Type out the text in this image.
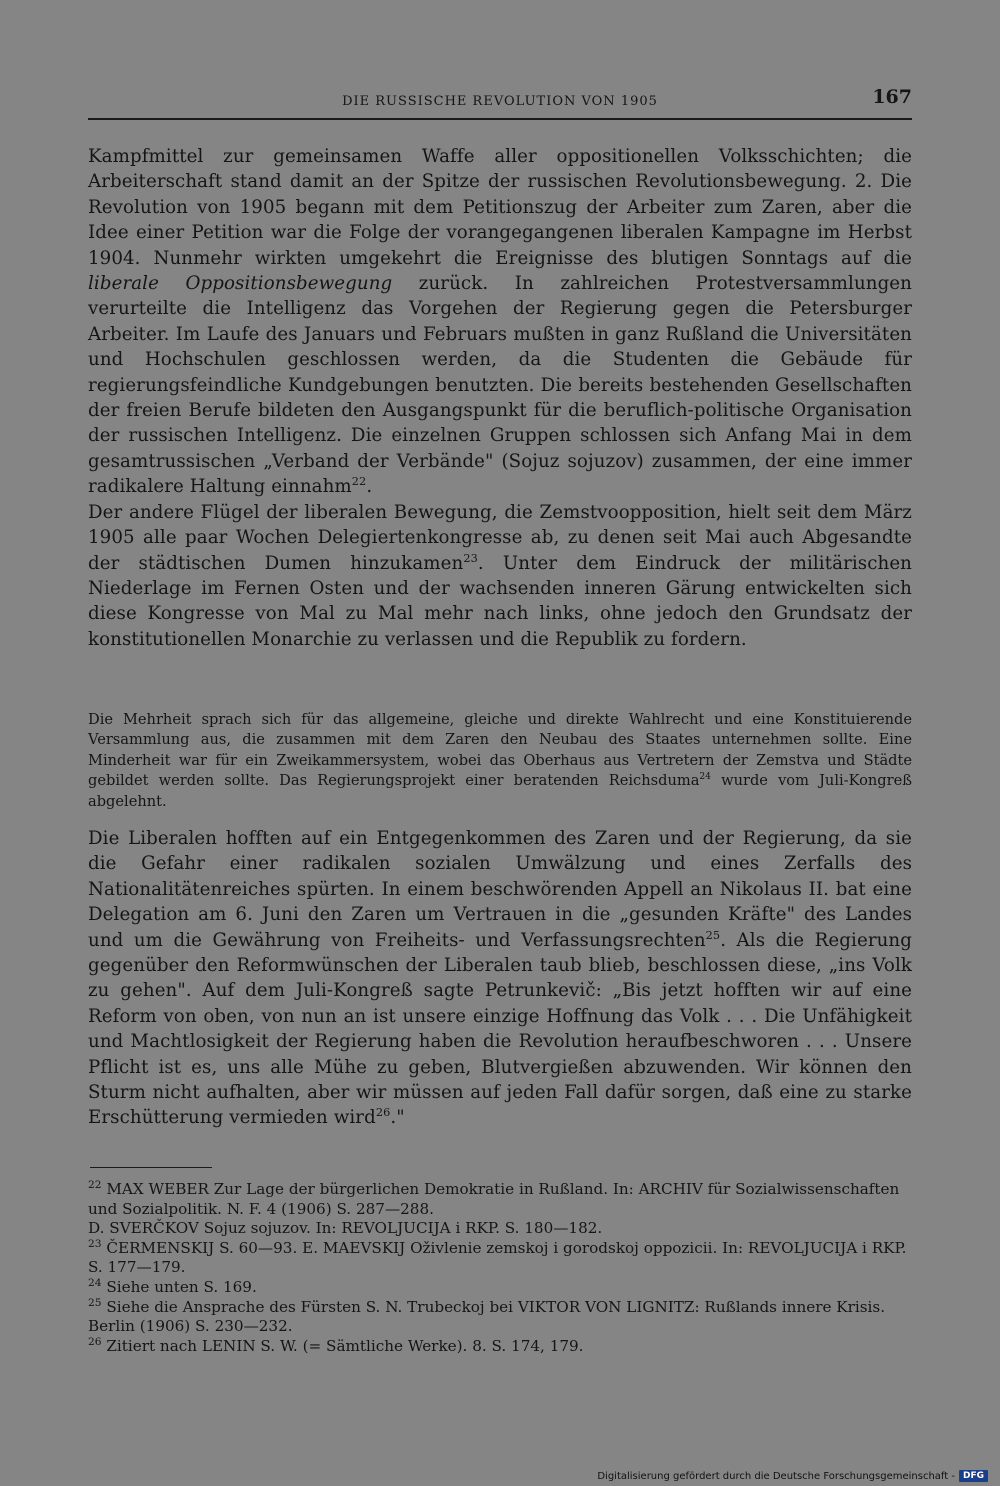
DIE RUSSISCHE REVOLUTION VON 1905	167

Kampfmittel zur gemeinsamen Waffe aller oppositionellen Volksschichten; die Arbeiterschaft stand damit an der Spitze der russischen Revolutionsbewegung. 2. Die Revolution von 1905 begann mit dem Petitionszug der Arbeiter zum Zaren, aber die Idee einer Petition war die Folge der vorangegangenen liberalen Kampagne im Herbst 1904. Nunmehr wirkten umgekehrt die Ereignisse des blutigen Sonntags auf die liberale Oppositionsbewegung zurück. In zahlreichen Protestversammlungen verurteilte die Intelligenz das Vorgehen der Regierung gegen die Petersburger Arbeiter. Im Laufe des Januars und Februars mußten in ganz Rußland die Universitäten und Hochschulen geschlossen werden, da die Studenten die Gebäude für regierungsfeindliche Kundgebungen benutzten. Die bereits bestehenden Gesellschaften der freien Berufe bildeten den Ausgangspunkt für die beruflich-politische Organisation der russischen Intelligenz. Die einzelnen Gruppen schlossen sich Anfang Mai in dem gesamtrussischen „Verband der Verbände" (Sojuz sojuzov) zusammen, der eine immer radikalere Haltung einnahm$^{22}$.

Der andere Flügel der liberalen Bewegung, die Zemstvoopposition, hielt seit dem März 1905 alle paar Wochen Delegiertenkongresse ab, zu denen seit Mai auch Abgesandte der städtischen Dumen hinzukamen$^{23}$. Unter dem Eindruck der militärischen Niederlage im Fernen Osten und der wachsenden inneren Gärung entwickelten sich diese Kongresse von Mal zu Mal mehr nach links, ohne jedoch den Grundsatz der konstitutionellen Monarchie zu verlassen und die Republik zu fordern.

Die Mehrheit sprach sich für das allgemeine, gleiche und direkte Wahlrecht und eine Konstituierende Versammlung aus, die zusammen mit dem Zaren den Neubau des Staates unternehmen sollte. Eine Minderheit war für ein Zweikammersystem, wobei das Oberhaus aus Vertretern der Zemstva und Städte gebildet werden sollte. Das Regierungsprojekt einer beratenden Reichsduma$^{24}$ wurde vom Juli-Kongreß abgelehnt.

Die Liberalen hofften auf ein Entgegenkommen des Zaren und der Regierung, da sie die Gefahr einer radikalen sozialen Umwälzung und eines Zerfalls des Nationalitätenreiches spürten. In einem beschwörenden Appell an Nikolaus II. bat eine Delegation am 6. Juni den Zaren um Vertrauen in die „gesunden Kräfte" des Landes und um die Gewährung von Freiheits- und Verfassungsrechten$^{25}$. Als die Regierung gegenüber den Reformwünschen der Liberalen taub blieb, beschlossen diese, „ins Volk zu gehen". Auf dem Juli-Kongreß sagte Petrunkevič: „Bis jetzt hofften wir auf eine Reform von oben, von nun an ist unsere einzige Hoffnung das Volk . . . Die Unfähigkeit und Machtlosigkeit der Regierung haben die Revolution heraufbeschworen . . . Unsere Pflicht ist es, uns alle Mühe zu geben, Blutvergießen abzuwenden. Wir können den Sturm nicht aufhalten, aber wir müssen auf jeden Fall dafür sorgen, daß eine zu starke Erschütterung vermieden wird$^{26}$."

$^{22}$ MAX WEBER Zur Lage der bürgerlichen Demokratie in Rußland. In: ARCHIV für Sozialwissenschaften und Sozialpolitik. N. F. 4 (1906) S. 287—288.

D. SVERČKOV Sojuz sojuzov. In: REVOLJUCIJA i RKP. S. 180—182.

$^{23}$ ČERMENSKIJ S. 60—93. E. MAEVSKIJ Oživlenie zemskoj i gorodskoj oppozicii. In: REVOLJUCIJA i RKP. S. 177—179.

$^{24}$ Siehe unten S. 169.

$^{25}$ Siehe die Ansprache des Fürsten S. N. Trubeckoj bei VIKTOR VON LIGNITZ: Rußlands innere Krisis. Berlin (1906) S. 230—232.

$^{26}$ Zitiert nach LENIN S. W. (= Sämtliche Werke). 8. S. 174, 179.

Digitalisierung gefördert durch die Deutsche Forschungsgemeinschaft - DFG
